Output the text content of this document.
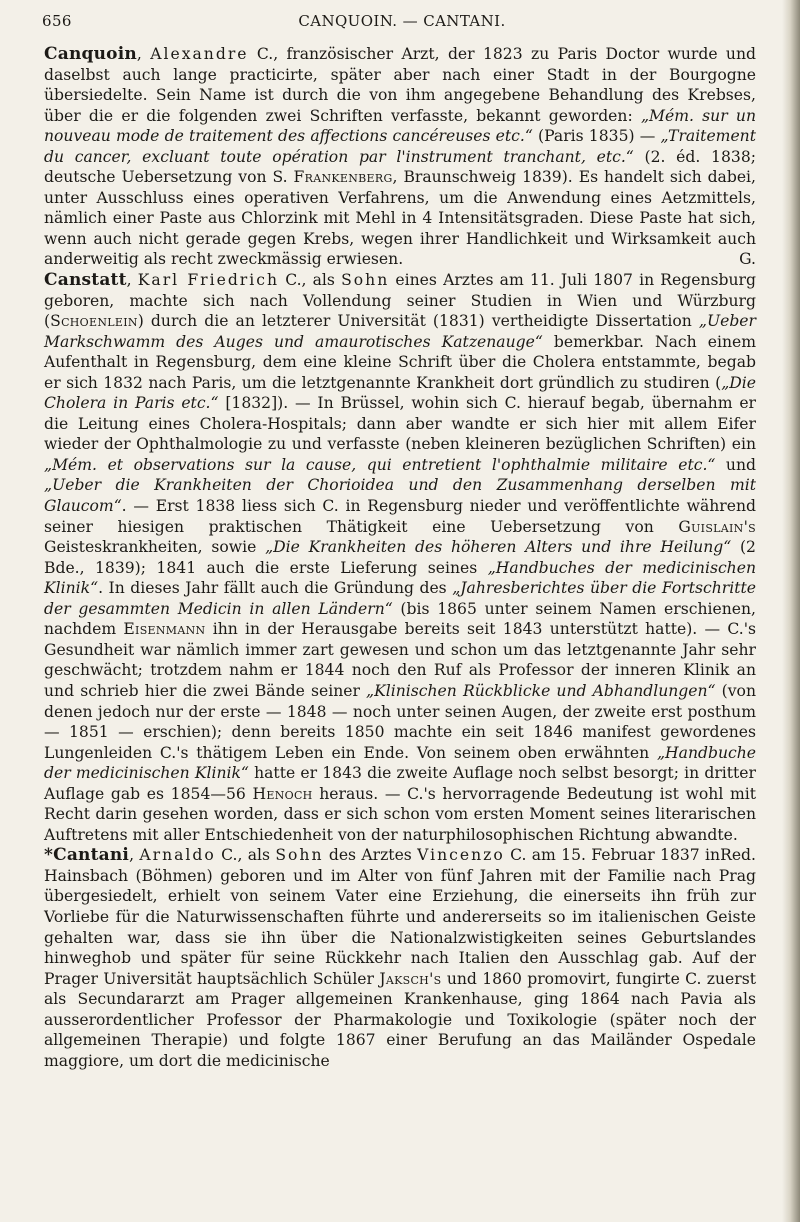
656	CANQUOIN. — CANTANI.

Canquoin, Alexandre C., französischer Arzt, der 1823 zu Paris Doctor wurde und daselbst auch lange practicirte, später aber nach einer Stadt in der Bourgogne übersiedelte. Sein Name ist durch die von ihm angegebene Behandlung des Krebses, über die er die folgenden zwei Schriften verfasste, bekannt geworden: „Mém. sur un nouveau mode de traitement des affections cancéreuses etc.“ (Paris 1835) — „Traitement du cancer, excluant toute opération par l'instrument tranchant, etc.“ (2. éd. 1838; deutsche Uebersetzung von S. Frankenberg, Braunschweig 1839). Es handelt sich dabei, unter Ausschluss eines operativen Verfahrens, um die Anwendung eines Aetzmittels, nämlich einer Paste aus Chlorzink mit Mehl in 4 Intensitätsgraden. Diese Paste hat sich, wenn auch nicht gerade gegen Krebs, wegen ihrer Handlichkeit und Wirksamkeit auch anderweitig als recht zweckmässig erwiesen.	G.

Canstatt, Karl Friedrich C., als Sohn eines Arztes am 11. Juli 1807 in Regensburg geboren, machte sich nach Vollendung seiner Studien in Wien und Würzburg (Schoenlein) durch die an letzterer Universität (1831) vertheidigte Dissertation „Ueber Markschwamm des Auges und amaurotisches Katzenauge“ bemerkbar. Nach einem Aufenthalt in Regensburg, dem eine kleine Schrift über die Cholera entstammte, begab er sich 1832 nach Paris, um die letztgenannte Krankheit dort gründlich zu studiren („Die Cholera in Paris etc.“ [1832]). — In Brüssel, wohin sich C. hierauf begab, übernahm er die Leitung eines Cholera-Hospitals; dann aber wandte er sich hier mit allem Eifer wieder der Ophthalmologie zu und verfasste (neben kleineren bezüglichen Schriften) ein „Mém. et observations sur la cause, qui entretient l'ophthalmie militaire etc.“ und „Ueber die Krankheiten der Chorioidea und den Zusammenhang derselben mit Glaucom“. — Erst 1838 liess sich C. in Regensburg nieder und veröffentlichte während seiner hiesigen praktischen Thätigkeit eine Uebersetzung von Guislain's Geisteskrankheiten, sowie „Die Krankheiten des höheren Alters und ihre Heilung“ (2 Bde., 1839); 1841 auch die erste Lieferung seines „Handbuches der medicinischen Klinik“. In dieses Jahr fällt auch die Gründung des „Jahresberichtes über die Fortschritte der gesammten Medicin in allen Ländern“ (bis 1865 unter seinem Namen erschienen, nachdem Eisenmann ihn in der Herausgabe bereits seit 1843 unterstützt hatte). — C.'s Gesundheit war nämlich immer zart gewesen und schon um das letztgenannte Jahr sehr geschwächt; trotzdem nahm er 1844 noch den Ruf als Professor der inneren Klinik an und schrieb hier die zwei Bände seiner „Klinischen Rückblicke und Abhandlungen“ (von denen jedoch nur der erste — 1848 — noch unter seinen Augen, der zweite erst posthum — 1851 — erschien); denn bereits 1850 machte ein seit 1846 manifest gewordenes Lungenleiden C.'s thätigem Leben ein Ende. Von seinem oben erwähnten „Handbuche der medicinischen Klinik“ hatte er 1843 die zweite Auflage noch selbst besorgt; in dritter Auflage gab es 1854—56 Henoch heraus. — C.'s hervorragende Bedeutung ist wohl mit Recht darin gesehen worden, dass er sich schon vom ersten Moment seines literarischen Auftretens mit aller Entschiedenheit von der naturphilosophischen Richtung abwandte.
Red.

*Cantani, Arnaldo C., als Sohn des Arztes Vincenzo C. am 15. Februar 1837 in Hainsbach (Böhmen) geboren und im Alter von fünf Jahren mit der Familie nach Prag übergesiedelt, erhielt von seinem Vater eine Erziehung, die einerseits ihn früh zur Vorliebe für die Naturwissenschaften führte und andererseits so im italienischen Geiste gehalten war, dass sie ihn über die Nationalzwistigkeiten seines Geburtslandes hinweghob und später für seine Rückkehr nach Italien den Ausschlag gab. Auf der Prager Universität hauptsächlich Schüler Jaksch's und 1860 promovirt, fungirte C. zuerst als Secundararzt am Prager allgemeinen Krankenhause, ging 1864 nach Pavia als ausserordentlicher Professor der Pharmakologie und Toxikologie (später noch der allgemeinen Therapie) und folgte 1867 einer Berufung an das Mailänder Ospedale maggiore, um dort die medicinische
